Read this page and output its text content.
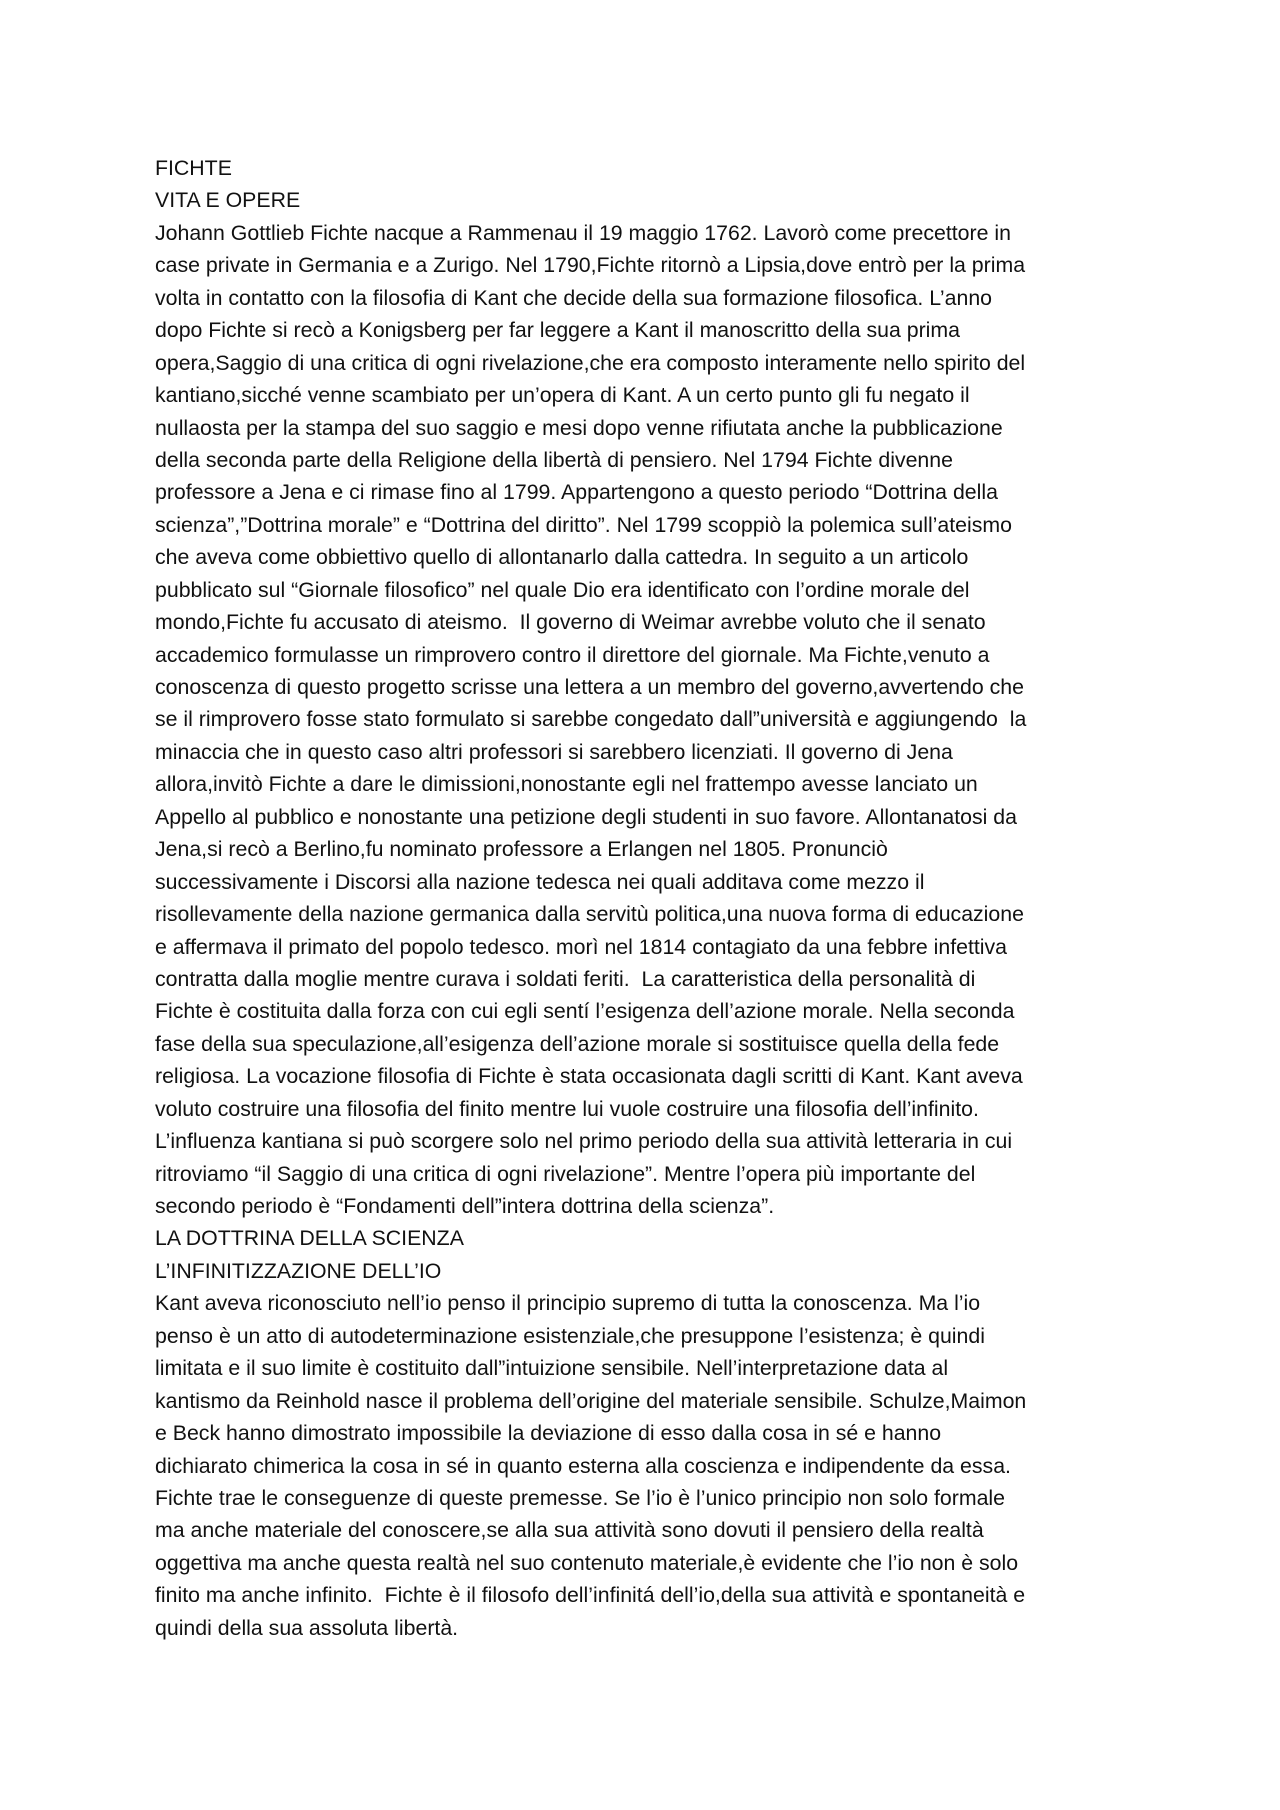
FICHTE
VITA E OPERE
Johann Gottlieb Fichte nacque a Rammenau il 19 maggio 1762. Lavorò come precettore in
case private in Germania e a Zurigo. Nel 1790,Fichte ritornò a Lipsia,dove entrò per la prima
volta in contatto con la filosofia di Kant che decide della sua formazione filosofica. L’anno
dopo Fichte si recò a Konigsberg per far leggere a Kant il manoscritto della sua prima
opera,Saggio di una critica di ogni rivelazione,che era composto interamente nello spirito del
kantiano,sicché venne scambiato per un’opera di Kant. A un certo punto gli fu negato il
nullaosta per la stampa del suo saggio e mesi dopo venne rifiutata anche la pubblicazione
della seconda parte della Religione della libertà di pensiero. Nel 1794 Fichte divenne
professore a Jena e ci rimase fino al 1799. Appartengono a questo periodo “Dottrina della
scienza”,”Dottrina morale” e “Dottrina del diritto”. Nel 1799 scoppiò la polemica sull’ateismo
che aveva come obbiettivo quello di allontanarlo dalla cattedra. In seguito a un articolo
pubblicato sul “Giornale filosofico” nel quale Dio era identificato con l’ordine morale del
mondo,Fichte fu accusato di ateismo.  Il governo di Weimar avrebbe voluto che il senato
accademico formulasse un rimprovero contro il direttore del giornale. Ma Fichte,venuto a
conoscenza di questo progetto scrisse una lettera a un membro del governo,avvertendo che
se il rimprovero fosse stato formulato si sarebbe congedato dall”università e aggiungendo  la
minaccia che in questo caso altri professori si sarebbero licenziati. Il governo di Jena
allora,invitò Fichte a dare le dimissioni,nonostante egli nel frattempo avesse lanciato un
Appello al pubblico e nonostante una petizione degli studenti in suo favore. Allontanatosi da
Jena,si recò a Berlino,fu nominato professore a Erlangen nel 1805. Pronunciò
successivamente i Discorsi alla nazione tedesca nei quali additava come mezzo il
risollevamente della nazione germanica dalla servitù politica,una nuova forma di educazione
e affermava il primato del popolo tedesco. morì nel 1814 contagiato da una febbre infettiva
contratta dalla moglie mentre curava i soldati feriti.  La caratteristica della personalità di
Fichte è costituita dalla forza con cui egli sentí l’esigenza dell’azione morale. Nella seconda
fase della sua speculazione,all’esigenza dell’azione morale si sostituisce quella della fede
religiosa. La vocazione filosofia di Fichte è stata occasionata dagli scritti di Kant. Kant aveva
voluto costruire una filosofia del finito mentre lui vuole costruire una filosofia dell’infinito.
L’influenza kantiana si può scorgere solo nel primo periodo della sua attività letteraria in cui
ritroviamo “il Saggio di una critica di ogni rivelazione”. Mentre l’opera più importante del
secondo periodo è “Fondamenti dell”intera dottrina della scienza”.
LA DOTTRINA DELLA SCIENZA
L’INFINITIZZAZIONE DELL’IO
Kant aveva riconosciuto nell’io penso il principio supremo di tutta la conoscenza. Ma l’io
penso è un atto di autodeterminazione esistenziale,che presuppone l’esistenza; è quindi
limitata e il suo limite è costituito dall”intuizione sensibile. Nell’interpretazione data al
kantismo da Reinhold nasce il problema dell’origine del materiale sensibile. Schulze,Maimon
e Beck hanno dimostrato impossibile la deviazione di esso dalla cosa in sé e hanno
dichiarato chimerica la cosa in sé in quanto esterna alla coscienza e indipendente da essa.
Fichte trae le conseguenze di queste premesse. Se l’io è l’unico principio non solo formale
ma anche materiale del conoscere,se alla sua attività sono dovuti il pensiero della realtà
oggettiva ma anche questa realtà nel suo contenuto materiale,è evidente che l’io non è solo
finito ma anche infinito.  Fichte è il filosofo dell’infinitá dell’io,della sua attività e spontaneità e
quindi della sua assoluta libertà.
